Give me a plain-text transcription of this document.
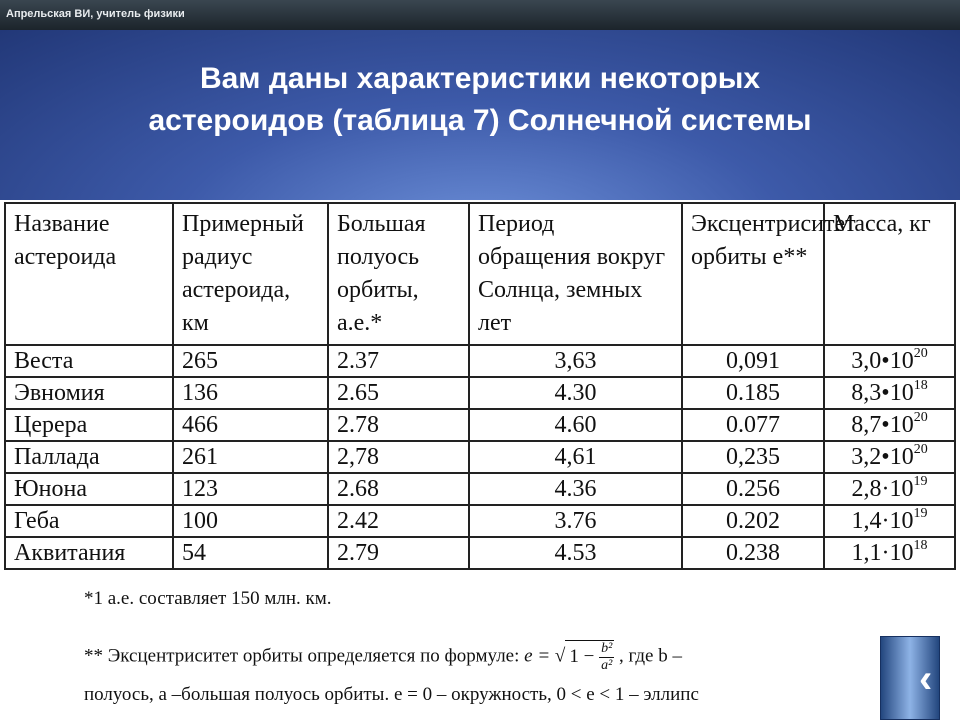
Апрельская ВИ, учитель физики
Вам даны характеристики некоторых
астероидов (таблица 7) Солнечной системы
Название астероида	Примерный радиус астероида, км	Большая полуось орбиты, а.е.*	Период обращения вокруг Солнца, земных лет	Эксцентриситет орбиты e**	Масса, кг
Веста	265	2.37	3,63	0,091	$3,0•10^{20}$
Эвномия	136	2.65	4.30	0.185	$8,3•10^{18}$
Церера	466	2.78	4.60	0.077	$8,7•10^{20}$
Паллада	261	2,78	4,61	0,235	$3,2•10^{20}$
Юнона	123	2.68	4.36	0.256	$2,8\cdot 10^{19}$
Геба	100	2.42	3.76	0.202	$1,4\cdot 10^{19}$
Аквитания	54	2.79	4.53	0.238	$1,1\cdot 10^{18}$
*1 а.е. составляет 150 млн. км.
** Эксцентриситет орбиты определяется по формуле: e = √ $1 - \frac{\text{b²}}{\text{a²}}$ , где b –
полуось, a –большая полуось орбиты. e = 0 – окружность, 0 < e < 1 – эллипс	‹
